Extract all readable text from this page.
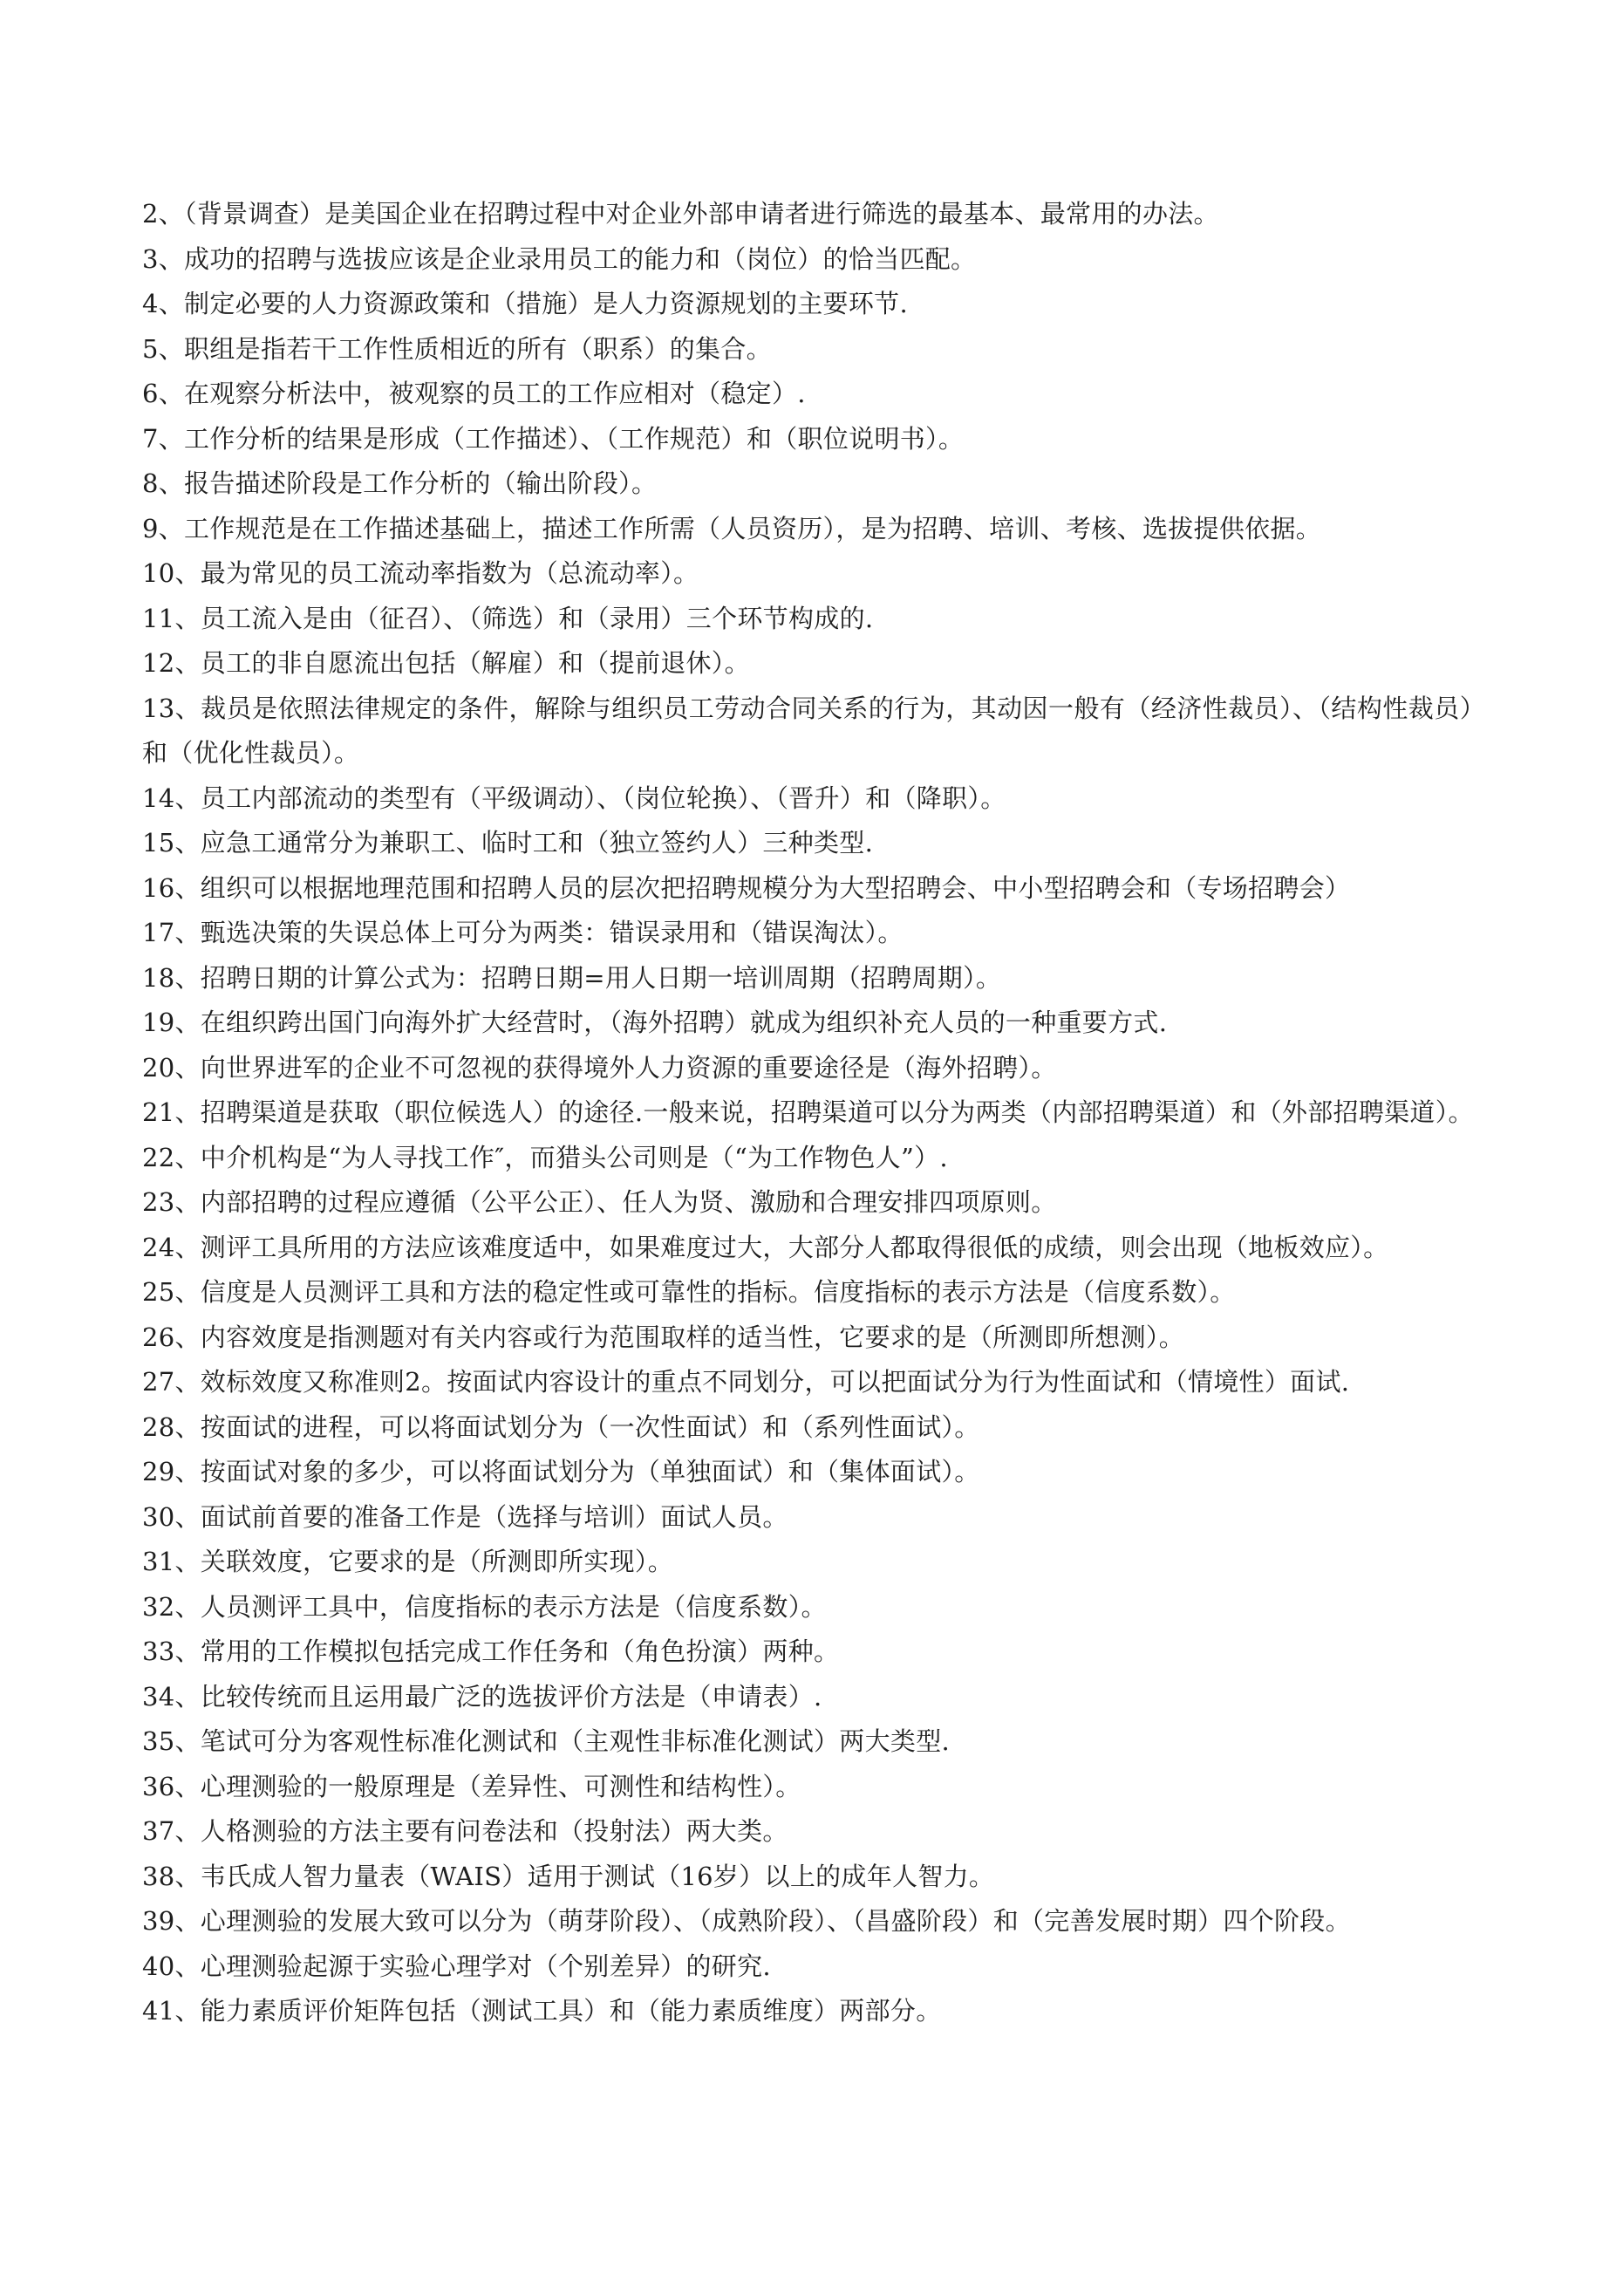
2、（背景调查）是美国企业在招聘过程中对企业外部申请者进行筛选的最基本、最常用的办法。

3、成功的招聘与选拔应该是企业录用员工的能力和（岗位）的恰当匹配。

4、制定必要的人力资源政策和（措施）是人力资源规划的主要环节.

5、职组是指若干工作性质相近的所有（职系）的集合。

6、在观察分析法中，被观察的员工的工作应相对（稳定）.

7、工作分析的结果是形成（工作描述）、（工作规范）和（职位说明书）。

8、报告描述阶段是工作分析的（输出阶段）。

9、工作规范是在工作描述基础上，描述工作所需（人员资历），是为招聘、培训、考核、选拔提供依据。

10、最为常见的员工流动率指数为（总流动率）。

11、员工流入是由（征召）、（筛选）和（录用）三个环节构成的.

12、员工的非自愿流出包括（解雇）和（提前退休）。

13、裁员是依照法律规定的条件，解除与组织员工劳动合同关系的行为，其动因一般有（经济性裁员）、（结构性裁员）和（优化性裁员）。

14、员工内部流动的类型有（平级调动）、（岗位轮换）、（晋升）和（降职）。

15、应急工通常分为兼职工、临时工和（独立签约人）三种类型.

16、组织可以根据地理范围和招聘人员的层次把招聘规模分为大型招聘会、中小型招聘会和（专场招聘会）

17、甄选决策的失误总体上可分为两类：错误录用和（错误淘汰）。

18、招聘日期的计算公式为：招聘日期=用人日期一培训周期（招聘周期）。

19、在组织跨出国门向海外扩大经营时，（海外招聘）就成为组织补充人员的一种重要方式.

20、向世界进军的企业不可忽视的获得境外人力资源的重要途径是（海外招聘）。

21、招聘渠道是获取（职位候选人）的途径.一般来说，招聘渠道可以分为两类（内部招聘渠道）和（外部招聘渠道）。

22、中介机构是“为人寻找工作″，而猎头公司则是（“为工作物色人”）.

23、内部招聘的过程应遵循（公平公正）、任人为贤、激励和合理安排四项原则。

24、测评工具所用的方法应该难度适中，如果难度过大，大部分人都取得很低的成绩，则会出现（地板效应）。

25、信度是人员测评工具和方法的稳定性或可靠性的指标。信度指标的表示方法是（信度系数）。

26、内容效度是指测题对有关内容或行为范围取样的适当性，它要求的是（所测即所想测）。

27、效标效度又称准则2。按面试内容设计的重点不同划分，可以把面试分为行为性面试和（情境性）面试.

28、按面试的进程，可以将面试划分为（一次性面试）和（系列性面试）。

29、按面试对象的多少，可以将面试划分为（单独面试）和（集体面试）。

30、面试前首要的准备工作是（选择与培训）面试人员。

31、关联效度，它要求的是（所测即所实现）。

32、人员测评工具中，信度指标的表示方法是（信度系数）。

33、常用的工作模拟包括完成工作任务和（角色扮演）两种。

34、比较传统而且运用最广泛的选拔评价方法是（申请表）.

35、笔试可分为客观性标准化测试和（主观性非标准化测试）两大类型.

36、心理测验的一般原理是（差异性、可测性和结构性）。

37、人格测验的方法主要有问卷法和（投射法）两大类。

38、韦氏成人智力量表（WAIS）适用于测试（16岁）以上的成年人智力。

39、心理测验的发展大致可以分为（萌芽阶段）、（成熟阶段）、（昌盛阶段）和（完善发展时期）四个阶段。

40、心理测验起源于实验心理学对（个别差异）的研究.

41、能力素质评价矩阵包括（测试工具）和（能力素质维度）两部分。
